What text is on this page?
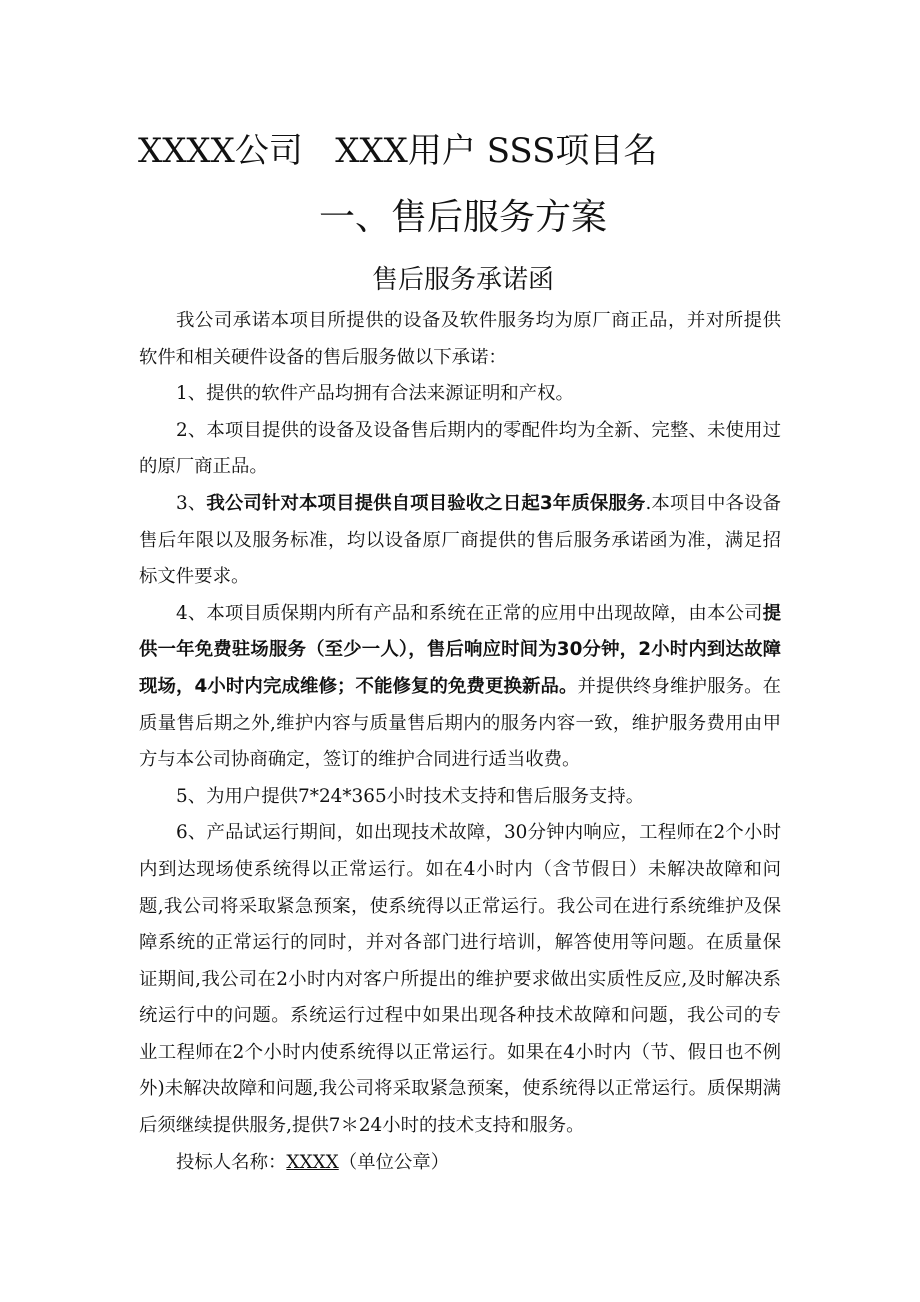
XXXX公司 XXX用户 SSS项目名
一、售后服务方案
售后服务承诺函

我公司承诺本项目所提供的设备及软件服务均为原厂商正品，并对所提供软件和相关硬件设备的售后服务做以下承诺：

1、提供的软件产品均拥有合法来源证明和产权。

2、本项目提供的设备及设备售后期内的零配件均为全新、完整、未使用过的原厂商正品。

3、我公司针对本项目提供自项目验收之日起3年质保服务.本项目中各设备售后年限以及服务标准，均以设备原厂商提供的售后服务承诺函为准，满足招标文件要求。

4、本项目质保期内所有产品和系统在正常的应用中出现故障，由本公司提供一年免费驻场服务（至少一人），售后响应时间为30分钟，2小时内到达故障现场，4小时内完成维修；不能修复的免费更换新品。并提供终身维护服务。在质量售后期之外,维护内容与质量售后期内的服务内容一致，维护服务费用由甲方与本公司协商确定，签订的维护合同进行适当收费。

5、为用户提供7*24*365小时技术支持和售后服务支持。

6、产品试运行期间，如出现技术故障，30分钟内响应，工程师在2个小时内到达现场使系统得以正常运行。如在4小时内（含节假日）未解决故障和问题,我公司将采取紧急预案，使系统得以正常运行。我公司在进行系统维护及保障系统的正常运行的同时，并对各部门进行培训，解答使用等问题。在质量保证期间,我公司在2小时内对客户所提出的维护要求做出实质性反应,及时解决系统运行中的问题。系统运行过程中如果出现各种技术故障和问题，我公司的专业工程师在2个小时内使系统得以正常运行。如果在4小时内（节、假日也不例外)未解决故障和问题,我公司将采取紧急预案，使系统得以正常运行。质保期满后须继续提供服务,提供7＊24小时的技术支持和服务。

投标人名称：XXXX（单位公章）
